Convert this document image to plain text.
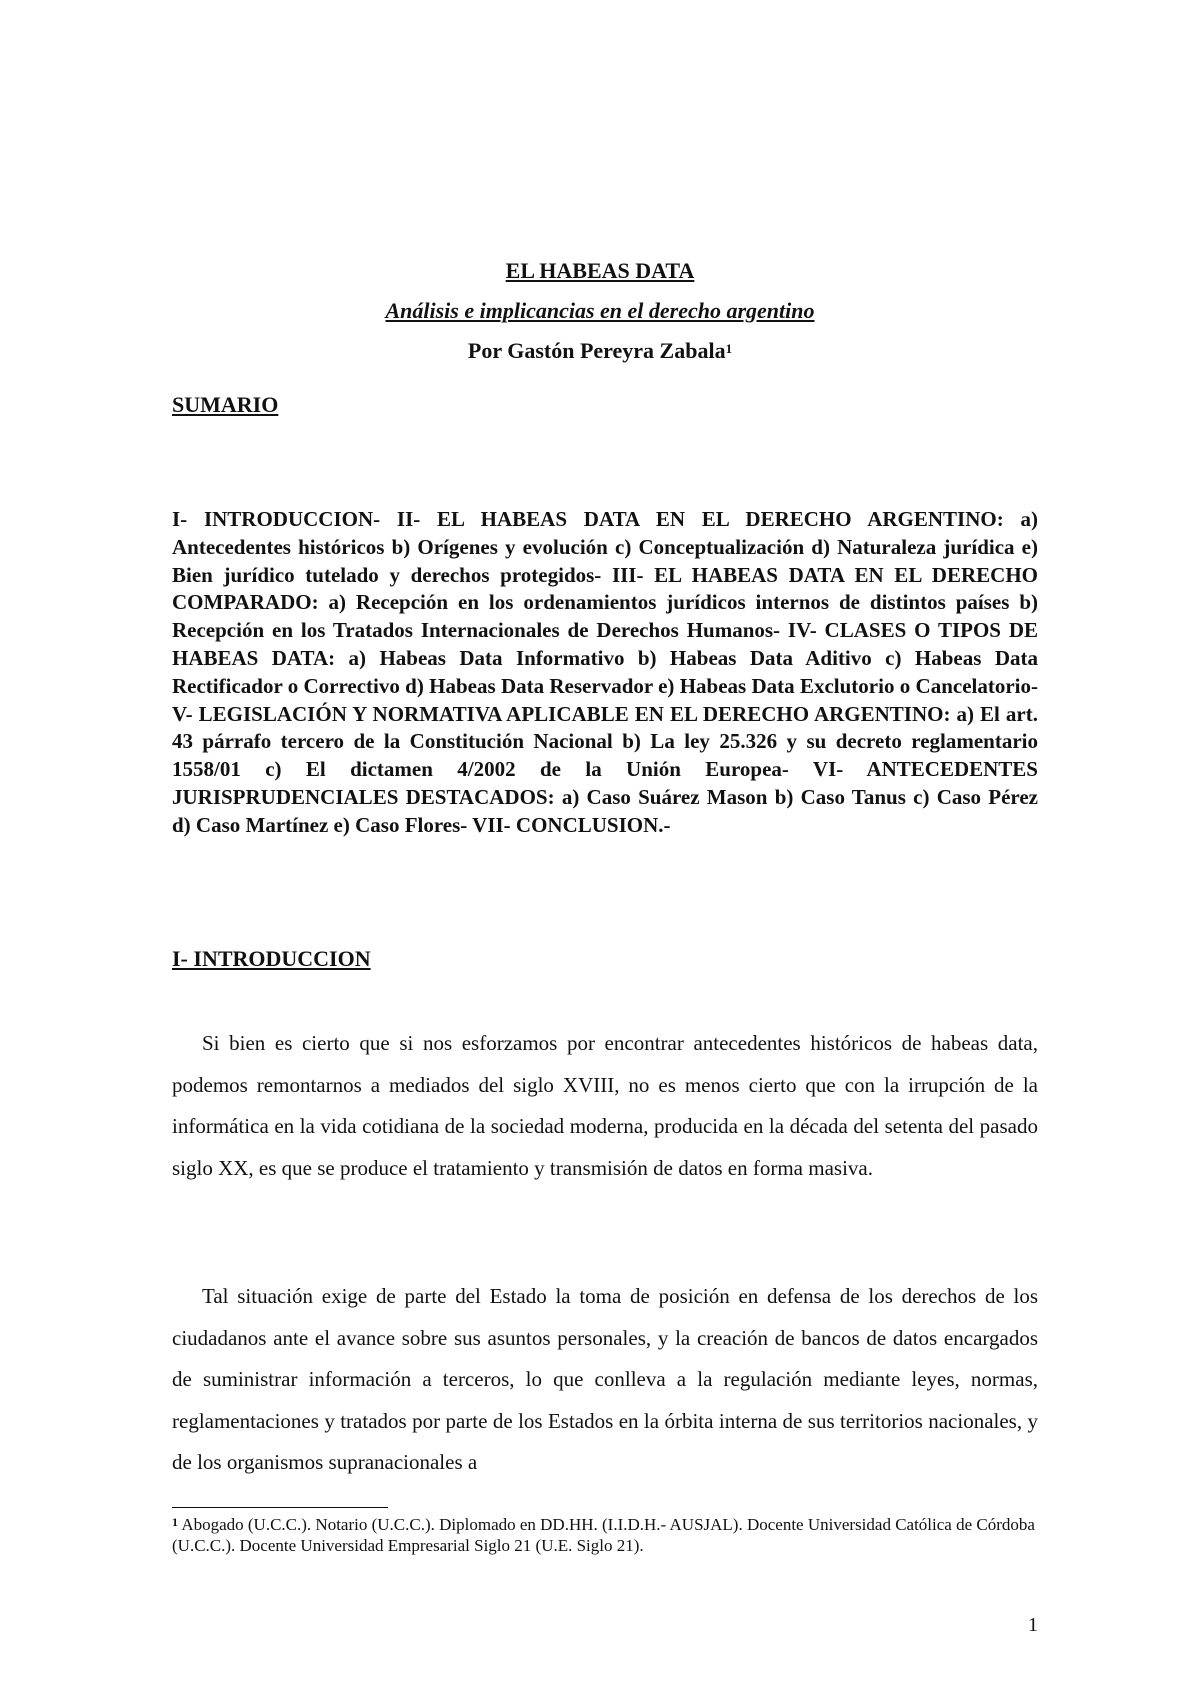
EL HABEAS DATA
Análisis e implicancias en el derecho argentino
Por Gastón Pereyra Zabala$^1$
SUMARIO
I- INTRODUCCION- II- EL HABEAS DATA EN EL DERECHO ARGENTINO: a) Antecedentes históricos b) Orígenes y evolución c) Conceptualización d) Naturaleza jurídica e) Bien jurídico tutelado y derechos protegidos- III- EL HABEAS DATA EN EL DERECHO COMPARADO: a) Recepción en los ordenamientos jurídicos internos de distintos países b) Recepción en los Tratados Internacionales de Derechos Humanos- IV- CLASES O TIPOS DE HABEAS DATA: a) Habeas Data Informativo b) Habeas Data Aditivo c) Habeas Data Rectificador o Correctivo d) Habeas Data Reservador e) Habeas Data Exclutorio o Cancelatorio- V- LEGISLACIÓN Y NORMATIVA APLICABLE EN EL DERECHO ARGENTINO: a) El art. 43 párrafo tercero de la Constitución Nacional b) La ley 25.326 y su decreto reglamentario 1558/01 c) El dictamen 4/2002 de la Unión Europea- VI- ANTECEDENTES JURISPRUDENCIALES DESTACADOS: a) Caso Suárez Mason b) Caso Tanus c) Caso Pérez d) Caso Martínez e) Caso Flores- VII- CONCLUSION.-
I- INTRODUCCION
Si bien es cierto que si nos esforzamos por encontrar antecedentes históricos de habeas data, podemos remontarnos a mediados del siglo XVIII, no es menos cierto que con la irrupción de la informática en la vida cotidiana de la sociedad moderna, producida en la década del setenta del pasado siglo XX, es que se produce el tratamiento y transmisión de datos en forma masiva.
Tal situación exige de parte del Estado la toma de posición en defensa de los derechos de los ciudadanos ante el avance sobre sus asuntos personales, y la creación de bancos de datos encargados de suministrar información a terceros, lo que conlleva a la regulación mediante leyes, normas, reglamentaciones y tratados por parte de los Estados en la órbita interna de sus territorios nacionales, y de los organismos supranacionales a
$^1$ Abogado (U.C.C.). Notario (U.C.C.). Diplomado en DD.HH. (I.I.D.H.- AUSJAL). Docente Universidad Católica de Córdoba (U.C.C.). Docente Universidad Empresarial Siglo 21 (U.E. Siglo 21).
1
